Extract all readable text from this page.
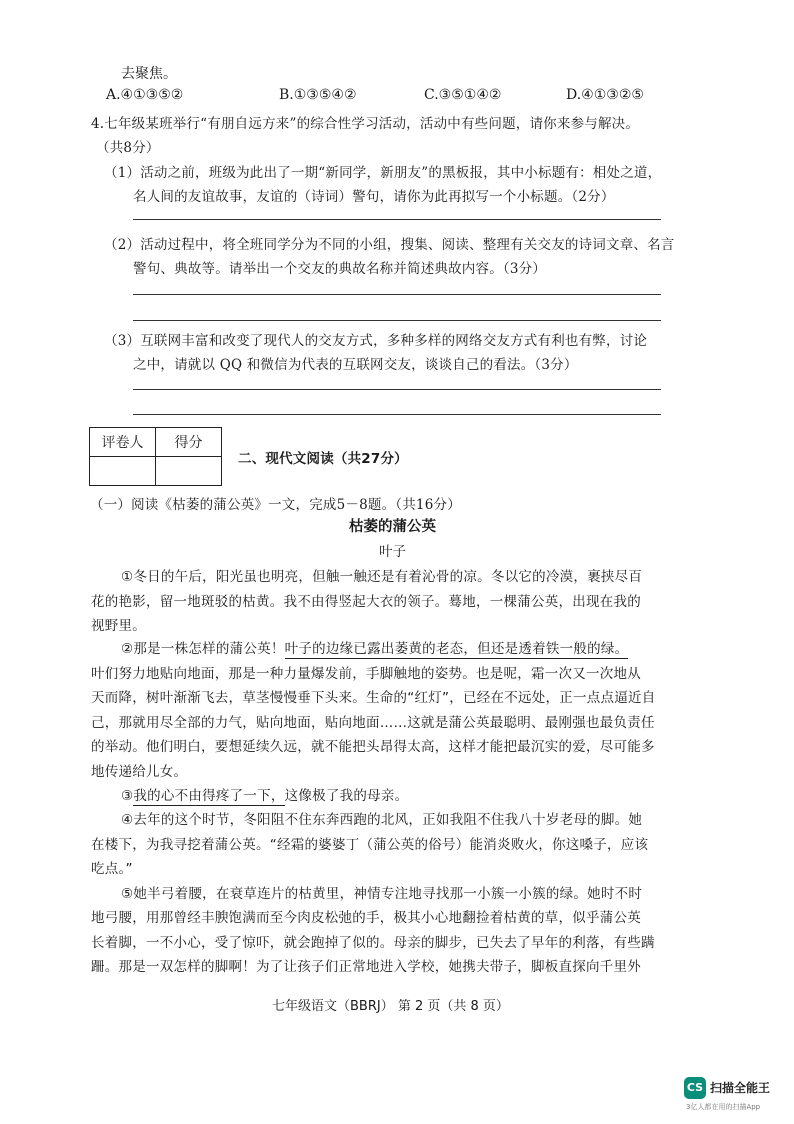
去聚焦。
A.④①③⑤②	B.①③⑤④②	C.③⑤①④②	D.④①③②⑤
4.七年级某班举行“有朋自远方来”的综合性学习活动，活动中有些问题，请你来参与解决。
（共8分）
（1）活动之前，班级为此出了一期“新同学，新朋友”的黑板报，其中小标题有：相处之道，
名人间的友谊故事，友谊的（诗词）警句，请你为此再拟写一个小标题。（2分）
（2）活动过程中，将全班同学分为不同的小组，搜集、阅读、整理有关交友的诗词文章、名言
警句、典故等。请举出一个交友的典故名称并简述典故内容。（3分）
（3）互联网丰富和改变了现代人的交友方式，多种多样的网络交友方式有利也有弊，讨论
之中，请就以 QQ 和微信为代表的互联网交友，谈谈自己的看法。（3分）
评卷人	得分

二、现代文阅读（共27分）
（一）阅读《枯萎的蒲公英》一文，完成5－8题。（共16分）
枯萎的蒲公英
叶子
①冬日的午后，阳光虽也明亮，但触一触还是有着沁骨的凉。冬以它的冷漠，裹挟尽百
花的艳影，留一地斑驳的枯黄。我不由得竖起大衣的领子。蓦地，一棵蒲公英，出现在我的
视野里。
②那是一株怎样的蒲公英！叶子的边缘已露出萎黄的老态，但还是透着铁一般的绿。
叶们努力地贴向地面，那是一种力量爆发前，手脚触地的姿势。也是呢，霜一次又一次地从
天而降，树叶渐渐飞去，草茎慢慢垂下头来。生命的“红灯”，已经在不远处，正一点点逼近自
己，那就用尽全部的力气，贴向地面，贴向地面……这就是蒲公英最聪明、最刚强也最负责任
的举动。他们明白，要想延续久远，就不能把头昂得太高，这样才能把最沉实的爱，尽可能多
地传递给儿女。
③我的心不由得疼了一下，这像极了我的母亲。
④去年的这个时节，冬阳阻不住东奔西跑的北风，正如我阻不住我八十岁老母的脚。她
在楼下，为我寻挖着蒲公英。“经霜的婆婆丁（蒲公英的俗号）能消炎败火，你这嗓子，应该
吃点。”
⑤她半弓着腰，在衰草连片的枯黄里，神情专注地寻找那一小簇一小簇的绿。她时不时
地弓腰，用那曾经丰腴饱满而至今肉皮松弛的手，极其小心地翻捡着枯黄的草，似乎蒲公英
长着脚，一不小心，受了惊吓，就会跑掉了似的。母亲的脚步，已失去了早年的利落，有些蹒
跚。那是一双怎样的脚啊！为了让孩子们正常地进入学校，她携夫带子，脚板直探向千里外
七年级语文（BBRJ） 第 2 页（共 8 页）
CS 扫描全能王
3亿人都在用的扫描App
